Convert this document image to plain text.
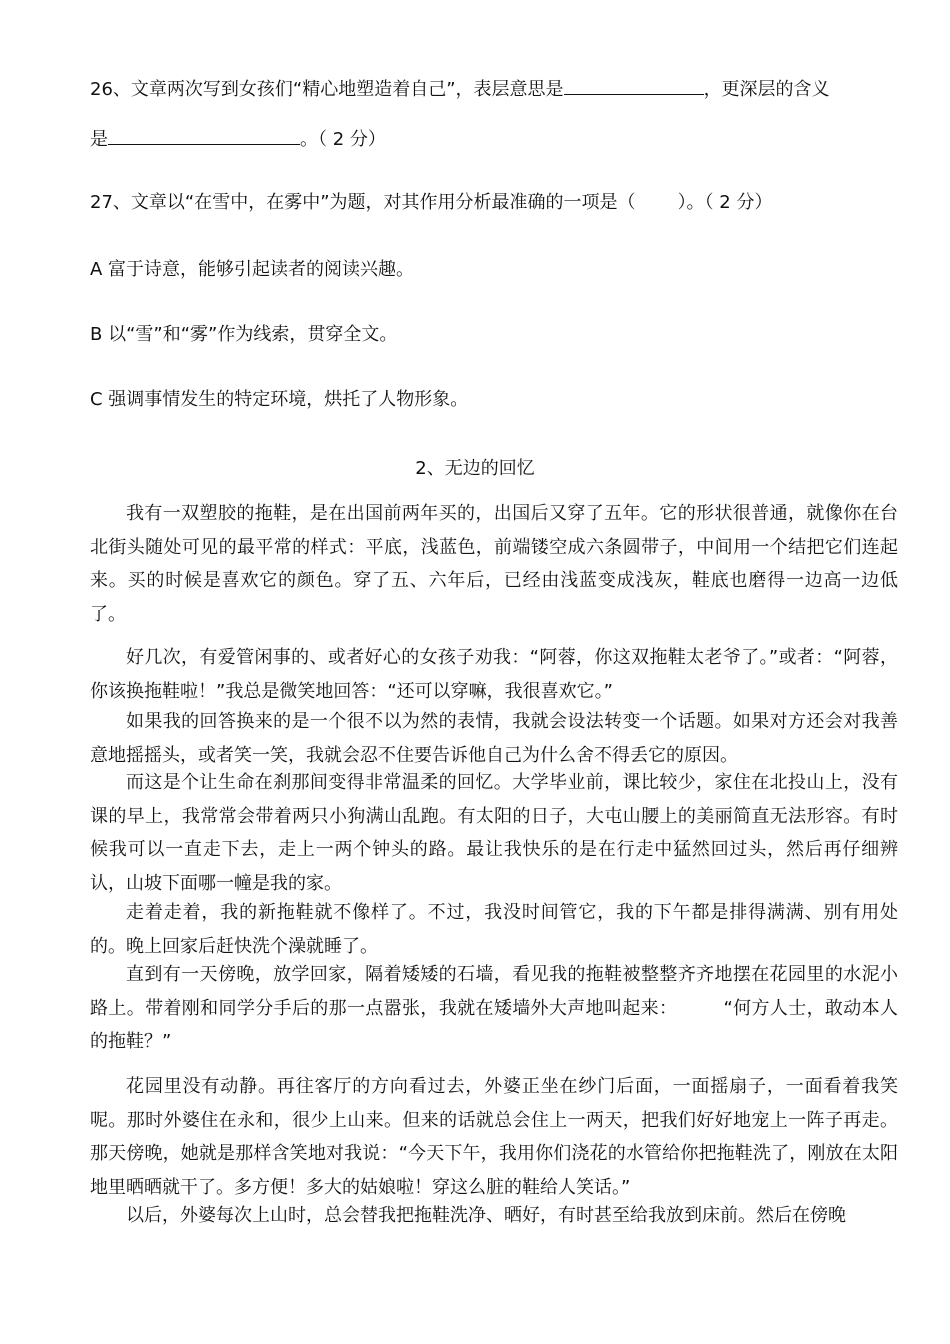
26、文章两次写到女孩们“精心地塑造着自己”，表层意思是	，更深层的含义
是	。（ 2 分）
27、文章以“在雪中，在雾中”为题，对其作用分析最准确的一项是（ ）。（ 2 分）
A 富于诗意，能够引起读者的阅读兴趣。
B 以“雪”和“雾”作为线索，贯穿全文。
C 强调事情发生的特定环境，烘托了人物形象。
2、无边的回忆

我有一双塑胶的拖鞋，是在出国前两年买的，出国后又穿了五年。它的形状很普通，就像你在台北街头随处可见的最平常的样式：平底，浅蓝色，前端镂空成六条圆带子，中间用一个结把它们连起来。买的时候是喜欢它的颜色。穿了五、六年后，已经由浅蓝变成浅灰，鞋底也磨得一边高一边低了。

好几次，有爱管闲事的、或者好心的女孩子劝我：“阿蓉，你这双拖鞋太老爷了。”或者：“阿蓉，你该换拖鞋啦！”我总是微笑地回答：“还可以穿嘛，我很喜欢它。”

如果我的回答换来的是一个很不以为然的表情，我就会设法转变一个话题。如果对方还会对我善意地摇摇头，或者笑一笑，我就会忍不住要告诉他自己为什么舍不得丢它的原因。

而这是个让生命在刹那间变得非常温柔的回忆。大学毕业前，课比较少，家住在北投山上，没有课的早上，我常常会带着两只小狗满山乱跑。有太阳的日子，大屯山腰上的美丽简直无法形容。有时候我可以一直走下去，走上一两个钟头的路。最让我快乐的是在行走中猛然回过头，然后再仔细辨认，山坡下面哪一幢是我的家。

走着走着，我的新拖鞋就不像样了。不过，我没时间管它，我的下午都是排得满满、别有用处的。晚上回家后赶快洗个澡就睡了。

直到有一天傍晚，放学回家，隔着矮矮的石墙，看见我的拖鞋被整整齐齐地摆在花园里的水泥小路上。带着刚和同学分手后的那一点嚣张，我就在矮墙外大声地叫起来：　　　“何方人士，敢动本人的拖鞋？”

花园里没有动静。再往客厅的方向看过去，外婆正坐在纱门后面，一面摇扇子，一面看着我笑呢。那时外婆住在永和，很少上山来。但来的话就总会住上一两天，把我们好好地宠上一阵子再走。那天傍晚，她就是那样含笑地对我说：“今天下午，我用你们浇花的水管给你把拖鞋洗了，刚放在太阳地里晒晒就干了。多方便！多大的姑娘啦！穿这么脏的鞋给人笑话。”

以后，外婆每次上山时，总会替我把拖鞋洗净、晒好，有时甚至给我放到床前。然后在傍晚
